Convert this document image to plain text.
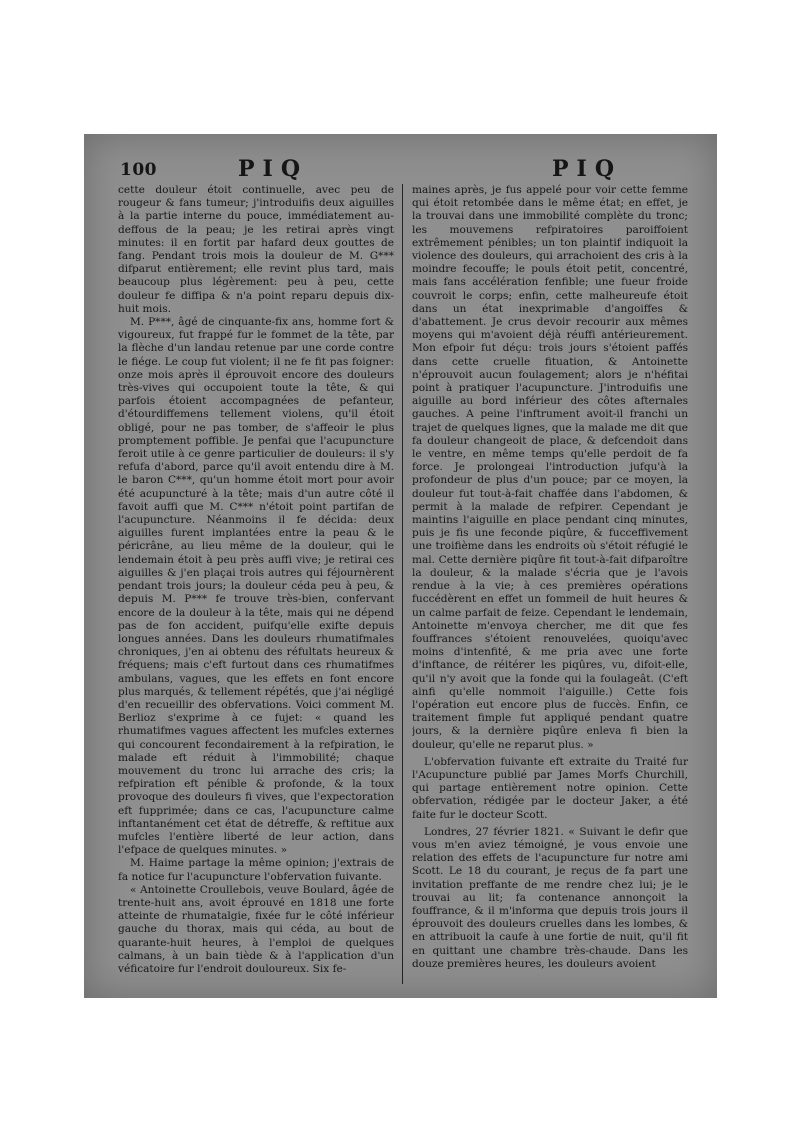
100	PIQ	PIQ

cette douleur étoit continuelle, avec peu de rougeur & fans tumeur; j'introduifis deux aiguilles à la partie interne du pouce, immédiatement au-deffous de la peau; je les retirai après vingt minutes: il en fortit par hafard deux gouttes de fang. Pendant trois mois la douleur de M. G*** difparut entièrement; elle revint plus tard, mais beaucoup plus légèrement: peu à peu, cette douleur fe diffipa & n'a point reparu depuis dix-huit mois.

M. P***, âgé de cinquante-fix ans, homme fort & vigoureux, fut frappé fur le fommet de la tête, par la flèche d'un landau retenue par une corde contre le fiége. Le coup fut violent; il ne fe fit pas foigner: onze mois après il éprouvoit encore des douleurs très-vives qui occupoient toute la tête, & qui parfois étoient accompagnées de pefanteur, d'étourdiffemens tellement violens, qu'il étoit obligé, pour ne pas tomber, de s'affeoir le plus promptement poffible. Je penfai que l'acupuncture feroit utile à ce genre particulier de douleurs: il s'y refufa d'abord, parce qu'il avoit entendu dire à M. le baron C***, qu'un homme étoit mort pour avoir été acupuncturé à la tête; mais d'un autre côté il favoit auffi que M. C*** n'étoit point partifan de l'acupuncture. Néanmoins il fe décida: deux aiguilles furent implantées entre la peau & le péricrâne, au lieu même de la douleur, qui le lendemain étoit à peu près auffi vive; je retirai ces aiguilles & j'en plaçai trois autres qui féjournèrent pendant trois jours; la douleur céda peu à peu, & depuis M. P*** fe trouve très-bien, confervant encore de la douleur à la tête, mais qui ne dépend pas de fon accident, puifqu'elle exifte depuis longues années. Dans les douleurs rhumatifmales chroniques, j'en ai obtenu des réfultats heureux & fréquens; mais c'eft furtout dans ces rhumatifmes ambulans, vagues, que les effets en font encore plus marqués, & tellement répétés, que j'ai négligé d'en recueillir des obfervations. Voici comment M. Berlioz s'exprime à ce fujet: « quand les rhumatifmes vagues affectent les mufcles externes qui concourent fecondairement à la refpiration, le malade eft réduit à l'immobilité; chaque mouvement du tronc lui arrache des cris; la refpiration eft pénible & profonde, & la toux provoque des douleurs fi vives, que l'expectoration eft fupprimée; dans ce cas, l'acupuncture calme inftantanément cet état de détreffe, & reftitue aux mufcles l'entière liberté de leur action, dans l'efpace de quelques minutes. »

M. Haime partage la même opinion; j'extrais de fa notice fur l'acupuncture l'obfervation fuivante.

« Antoinette Croullebois, veuve Boulard, âgée de trente-huit ans, avoit éprouvé en 1818 une forte atteinte de rhumatalgie, fixée fur le côté inférieur gauche du thorax, mais qui céda, au bout de quarante-huit heures, à l'emploi de quelques calmans, à un bain tiède & à l'application d'un véficatoire fur l'endroit douloureux. Six fe-

maines après, je fus appelé pour voir cette femme qui étoit retombée dans le même état; en effet, je la trouvai dans une immobilité complète du tronc; les mouvemens refpiratoires paroiffoient extrêmement pénibles; un ton plaintif indiquoit la violence des douleurs, qui arrachoient des cris à la moindre fecouffe; le pouls étoit petit, concentré, mais fans accélération fenfible; une fueur froide couvroit le corps; enfin, cette malheureufe étoit dans un état inexprimable d'angoiffes & d'abattement. Je crus devoir recourir aux mêmes moyens qui m'avoient déjà réuffi antérieurement. Mon efpoir fut déçu: trois jours s'étoient paffés dans cette cruelle fituation, & Antoinette n'éprouvoit aucun foulagement; alors je n'héfitai point à pratiquer l'acupuncture. J'introduifis une aiguille au bord inférieur des côtes afternales gauches. A peine l'inftrument avoit-il franchi un trajet de quelques lignes, que la malade me dit que fa douleur changeoit de place, & defcendoit dans le ventre, en même temps qu'elle perdoit de fa force. Je prolongeai l'introduction jufqu'à la profondeur de plus d'un pouce; par ce moyen, la douleur fut tout-à-fait chaffée dans l'abdomen, & permit à la malade de refpirer. Cependant je maintins l'aiguille en place pendant cinq minutes, puis je fis une feconde piqûre, & fucceffivement une troifième dans les endroits où s'étoit réfugié le mal. Cette dernière piqûre fit tout-à-fait difparoître la douleur, & la malade s'écria que je l'avois rendue à la vie; à ces premières opérations fuccédèrent en effet un fommeil de huit heures & un calme parfait de feize. Cependant le lendemain, Antoinette m'envoya chercher, me dit que fes fouffrances s'étoient renouvelées, quoiqu'avec moins d'intenfité, & me pria avec une forte d'inftance, de réitérer les piqûres, vu, difoit-elle, qu'il n'y avoit que la fonde qui la foulageât. (C'eft ainfi qu'elle nommoit l'aiguille.) Cette fois l'opération eut encore plus de fuccès. Enfin, ce traitement fimple fut appliqué pendant quatre jours, & la dernière piqûre enleva fi bien la douleur, qu'elle ne reparut plus. »

L'obfervation fuivante eft extraite du Traité fur l'Acupuncture publié par James Morfs Churchill, qui partage entièrement notre opinion. Cette obfervation, rédigée par le docteur Jaker, a été faite fur le docteur Scott.

Londres, 27 février 1821. « Suivant le defir que vous m'en aviez témoigné, je vous envoie une relation des effets de l'acupuncture fur notre ami Scott. Le 18 du courant, je reçus de fa part une invitation preffante de me rendre chez lui; je le trouvai au lit; fa contenance annonçoit la fouffrance, & il m'informa que depuis trois jours il éprouvoit des douleurs cruelles dans les lombes, & en attribuoit la caufe à une fortie de nuit, qu'il fit en quittant une chambre très-chaude. Dans les douze premières heures, les douleurs avoient
